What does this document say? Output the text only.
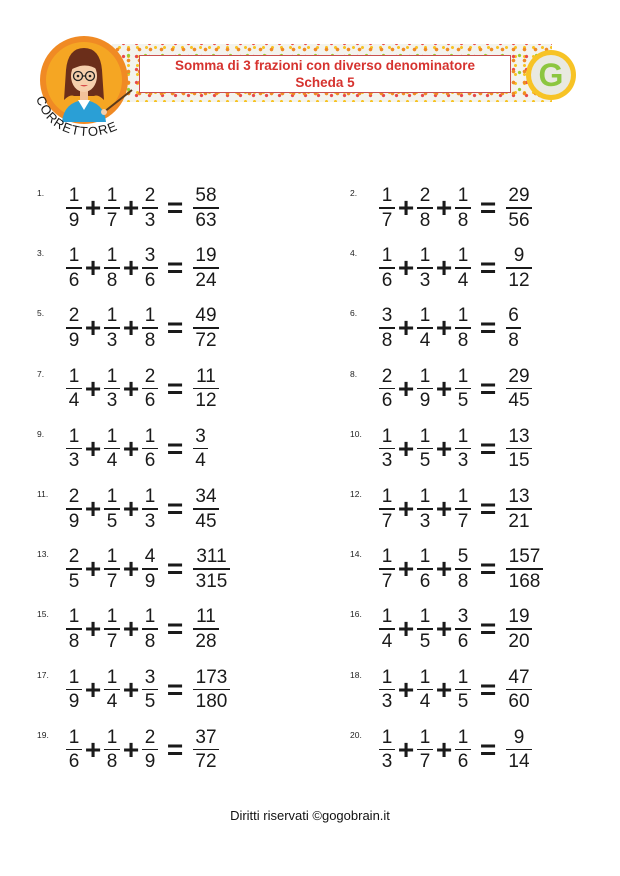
Somma di 3 frazioni con diverso denominatore
Scheda 5	G
CORRETTORE
1. 1
9 + 1
7 + 2
3 = 58
63
2. 1
7 + 2
8 + 1
8 = 29
56
3. 1
6 + 1
8 + 3
6 = 19
24
4. 1
6 + 1
3 + 1
4 = 9
12
5. 2
9 + 1
3 + 1
8 = 49
72
6. 3
8 + 1
4 + 1
8 = 6
8
7. 1
4 + 1
3 + 2
6 = 11
12
8. 2
6 + 1
9 + 1
5 = 29
45
9. 1
3 + 1
4 + 1
6 = 3
4
10. 1
3 + 1
5 + 1
3 = 13
15
11. 2
9 + 1
5 + 1
3 = 34
45
12. 1
7 + 1
3 + 1
7 = 13
21
13. 2
5 + 1
7 + 4
9 = 311
315
14. 1
7 + 1
6 + 5
8 = 157
168
15. 1
8 + 1
7 + 1
8 = 11
28
16. 1
4 + 1
5 + 3
6 = 19
20
17. 1
9 + 1
4 + 3
5 = 173
180
18. 1
3 + 1
4 + 1
5 = 47
60
19. 1
6 + 1
8 + 2
9 = 37
72
20. 1
3 + 1
7 + 1
6 = 9
14
Diritti riservati ©gogobrain.it
